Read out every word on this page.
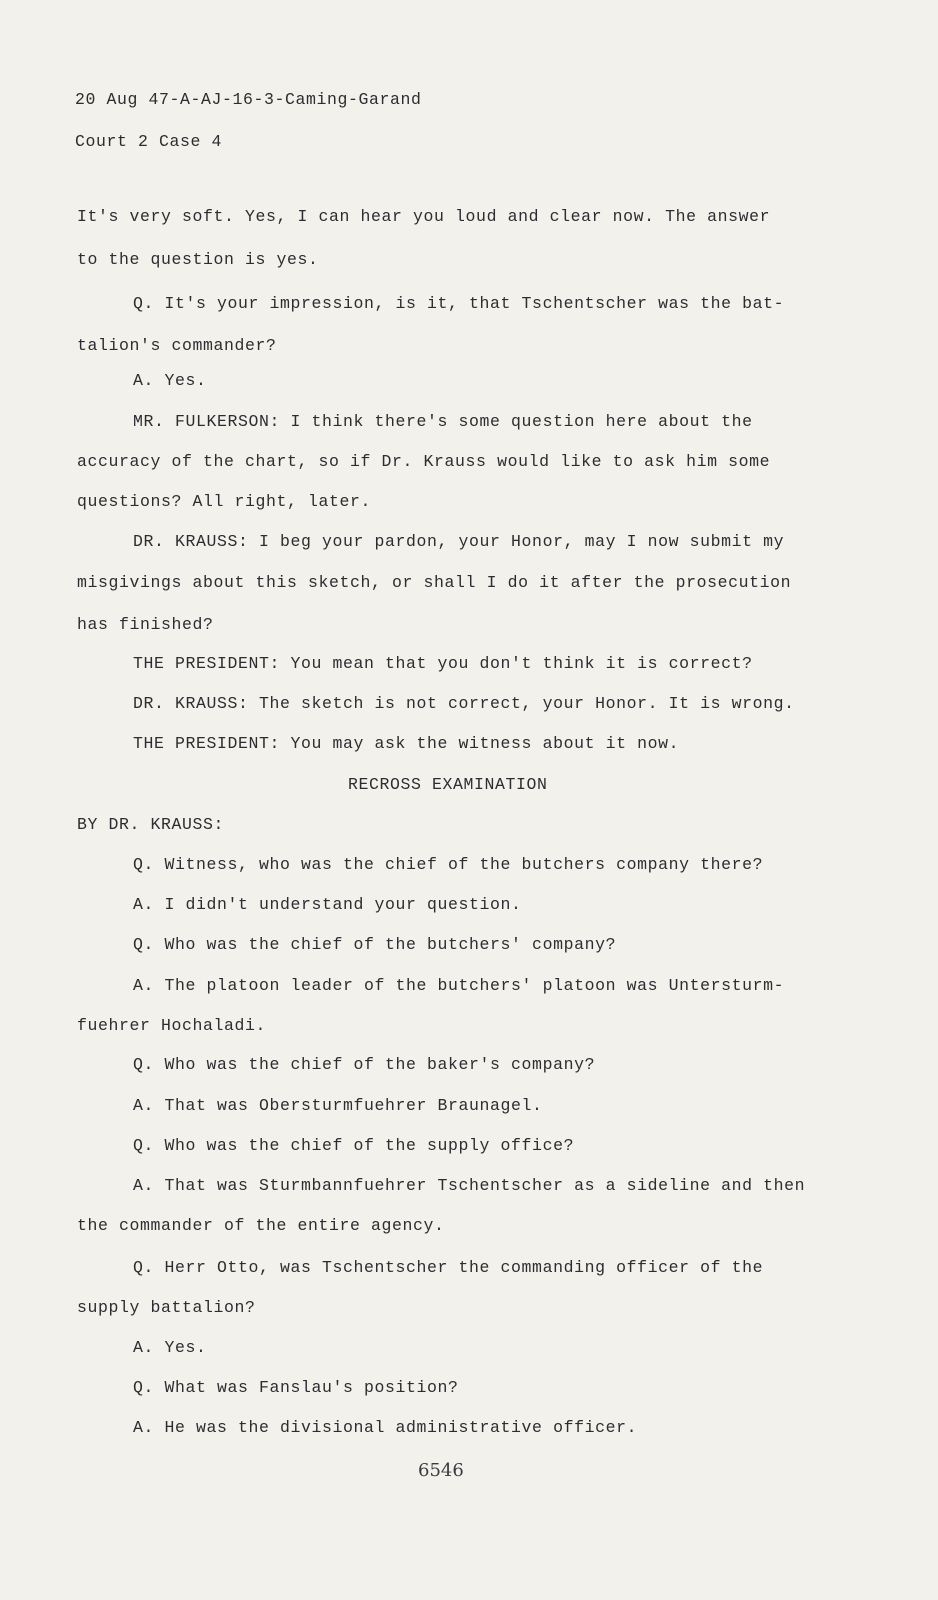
20 Aug 47-A-AJ-16-3-Caming-Garand
Court 2 Case 4
It's very soft. Yes, I can hear you loud and clear now. The answer
to the question is yes.
Q. It's your impression, is it, that Tschentscher was the bat-
talion's commander?
A. Yes.
MR. FULKERSON: I think there's some question here about the
accuracy of the chart, so if Dr. Krauss would like to ask him some
questions? All right, later.
DR. KRAUSS: I beg your pardon, your Honor, may I now submit my
misgivings about this sketch, or shall I do it after the prosecution
has finished?
THE PRESIDENT: You mean that you don't think it is correct?
DR. KRAUSS: The sketch is not correct, your Honor. It is wrong.
THE PRESIDENT: You may ask the witness about it now.
RECROSS EXAMINATION
BY DR. KRAUSS:
Q. Witness, who was the chief of the butchers company there?
A. I didn't understand your question.
Q. Who was the chief of the butchers' company?
A. The platoon leader of the butchers' platoon was Untersturm-
fuehrer Hochaladi.
Q. Who was the chief of the baker's company?
A. That was Obersturmfuehrer Braunagel.
Q. Who was the chief of the supply office?
A. That was Sturmbannfuehrer Tschentscher as a sideline and then
the commander of the entire agency.
Q. Herr Otto, was Tschentscher the commanding officer of the
supply battalion?
A. Yes.
Q. What was Fanslau's position?
A. He was the divisional administrative officer.
6546
